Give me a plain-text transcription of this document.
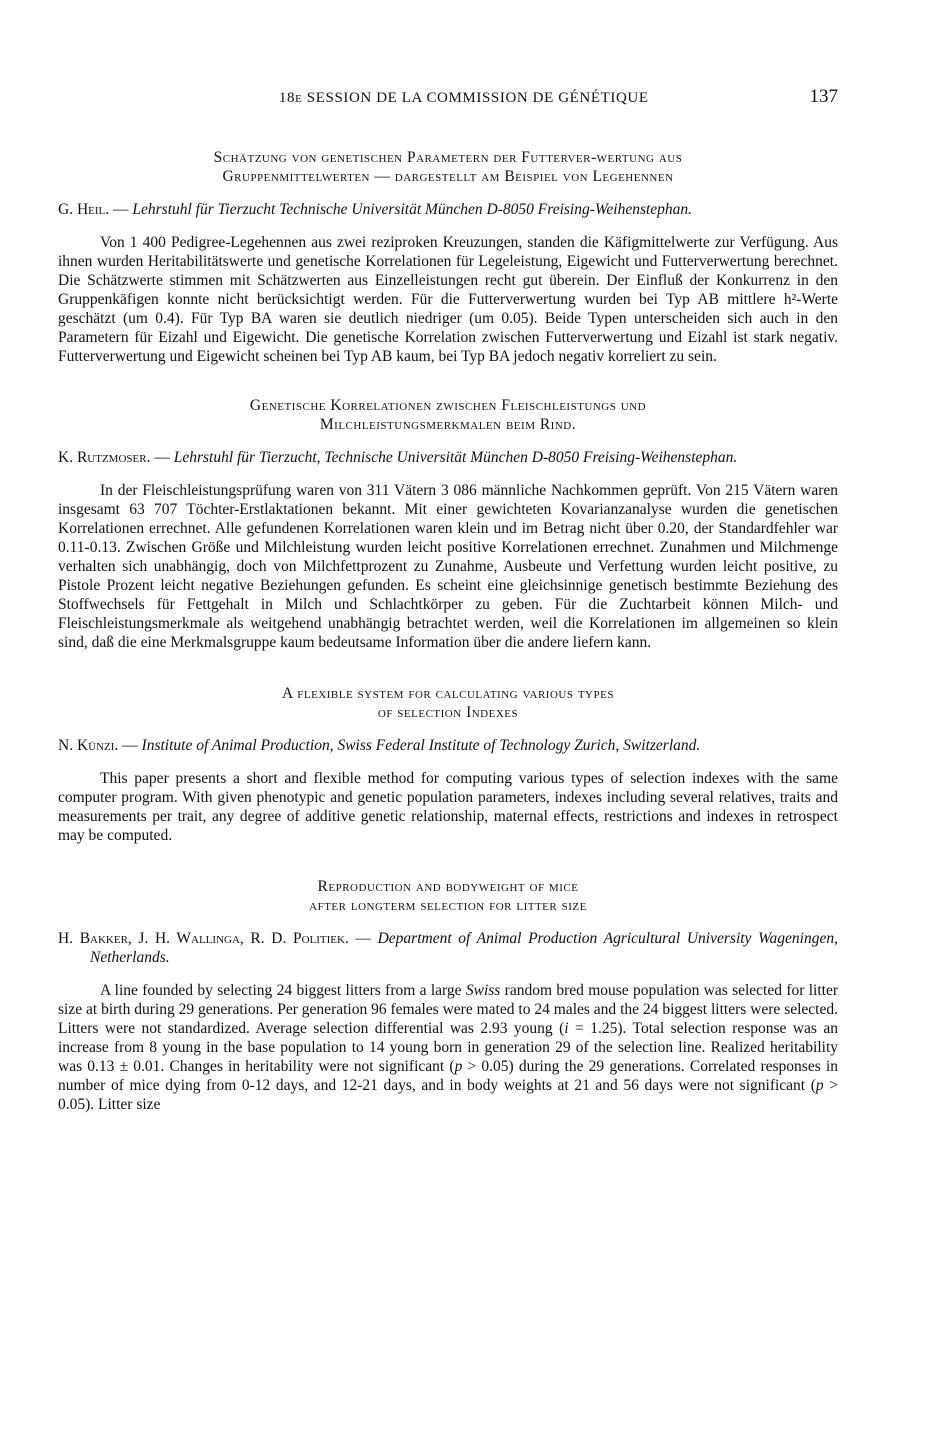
18e SESSION DE LA COMMISSION DE GÉNÉTIQUE	137
Schätzung von genetischen Parametern der Futterver-wertung aus
Gruppenmittelwerten — dargestellt am Beispiel von Legehennen
G. Heil. — Lehrstuhl für Tierzucht Technische Universität München D-8050 Freising-Weihenstephan.

Von 1 400 Pedigree-Legehennen aus zwei reziproken Kreuzungen, standen die Käfigmittelwerte zur Verfügung. Aus ihnen wurden Heritabilitätswerte und genetische Korrelationen für Legeleistung, Eigewicht und Futterverwertung berechnet. Die Schätzwerte stimmen mit Schätzwerten aus Einzelleistungen recht gut überein. Der Einfluß der Konkurrenz in den Gruppenkäfigen konnte nicht berücksichtigt werden. Für die Futterverwertung wurden bei Typ AB mittlere h²-Werte geschätzt (um 0.4). Für Typ BA waren sie deutlich niedriger (um 0.05). Beide Typen unterscheiden sich auch in den Parametern für Eizahl und Eigewicht. Die genetische Korrelation zwischen Futterverwertung und Eizahl ist stark negativ. Futterverwertung und Eigewicht scheinen bei Typ AB kaum, bei Typ BA jedoch negativ korreliert zu sein.

Genetische Korrelationen zwischen Fleischleistungs und
Milchleistungsmerkmalen beim Rind.
K. Rutzmoser. — Lehrstuhl für Tierzucht, Technische Universität München D-8050 Freising-Weihenstephan.

In der Fleischleistungsprüfung waren von 311 Vätern 3 086 männliche Nachkommen geprüft. Von 215 Vätern waren insgesamt 63 707 Töchter-Erstlaktationen bekannt. Mit einer gewichteten Kovarianzanalyse wurden die genetischen Korrelationen errechnet. Alle gefundenen Korrelationen waren klein und im Betrag nicht über 0.20, der Standardfehler war 0.11-0.13. Zwischen Größe und Milchleistung wurden leicht positive Korrelationen errechnet. Zunahmen und Milchmenge verhalten sich unabhängig, doch von Milchfettprozent zu Zunahme, Ausbeute und Verfettung wurden leicht positive, zu Pistole Prozent leicht negative Beziehungen gefunden. Es scheint eine gleichsinnige genetisch bestimmte Beziehung des Stoffwechsels für Fettgehalt in Milch und Schlachtkörper zu geben. Für die Zuchtarbeit können Milch- und Fleischleistungsmerkmale als weitgehend unabhängig betrachtet werden, weil die Korrelationen im allgemeinen so klein sind, daß die eine Merkmalsgruppe kaum bedeutsame Information über die andere liefern kann.

A flexible system for calculating various types
of selection Indexes
N. Künzi. — Institute of Animal Production, Swiss Federal Institute of Technology Zurich, Switzerland.

This paper presents a short and flexible method for computing various types of selection indexes with the same computer program. With given phenotypic and genetic population parameters, indexes including several relatives, traits and measurements per trait, any degree of additive genetic relationship, maternal effects, restrictions and indexes in retrospect may be computed.

Reproduction and bodyweight of mice
after longterm selection for litter size
H. Bakker, J. H. Wallinga, R. D. Politiek. — Department of Animal Production Agricultural University Wageningen, Netherlands.

A line founded by selecting 24 biggest litters from a large Swiss random bred mouse population was selected for litter size at birth during 29 generations. Per generation 96 females were mated to 24 males and the 24 biggest litters were selected. Litters were not standardized. Average selection differential was 2.93 young (i = 1.25). Total selection response was an increase from 8 young in the base population to 14 young born in generation 29 of the selection line. Realized heritability was 0.13 ± 0.01. Changes in heritability were not significant (p > 0.05) during the 29 generations. Correlated responses in number of mice dying from 0-12 days, and 12-21 days, and in body weights at 21 and 56 days were not significant (p > 0.05). Litter size
